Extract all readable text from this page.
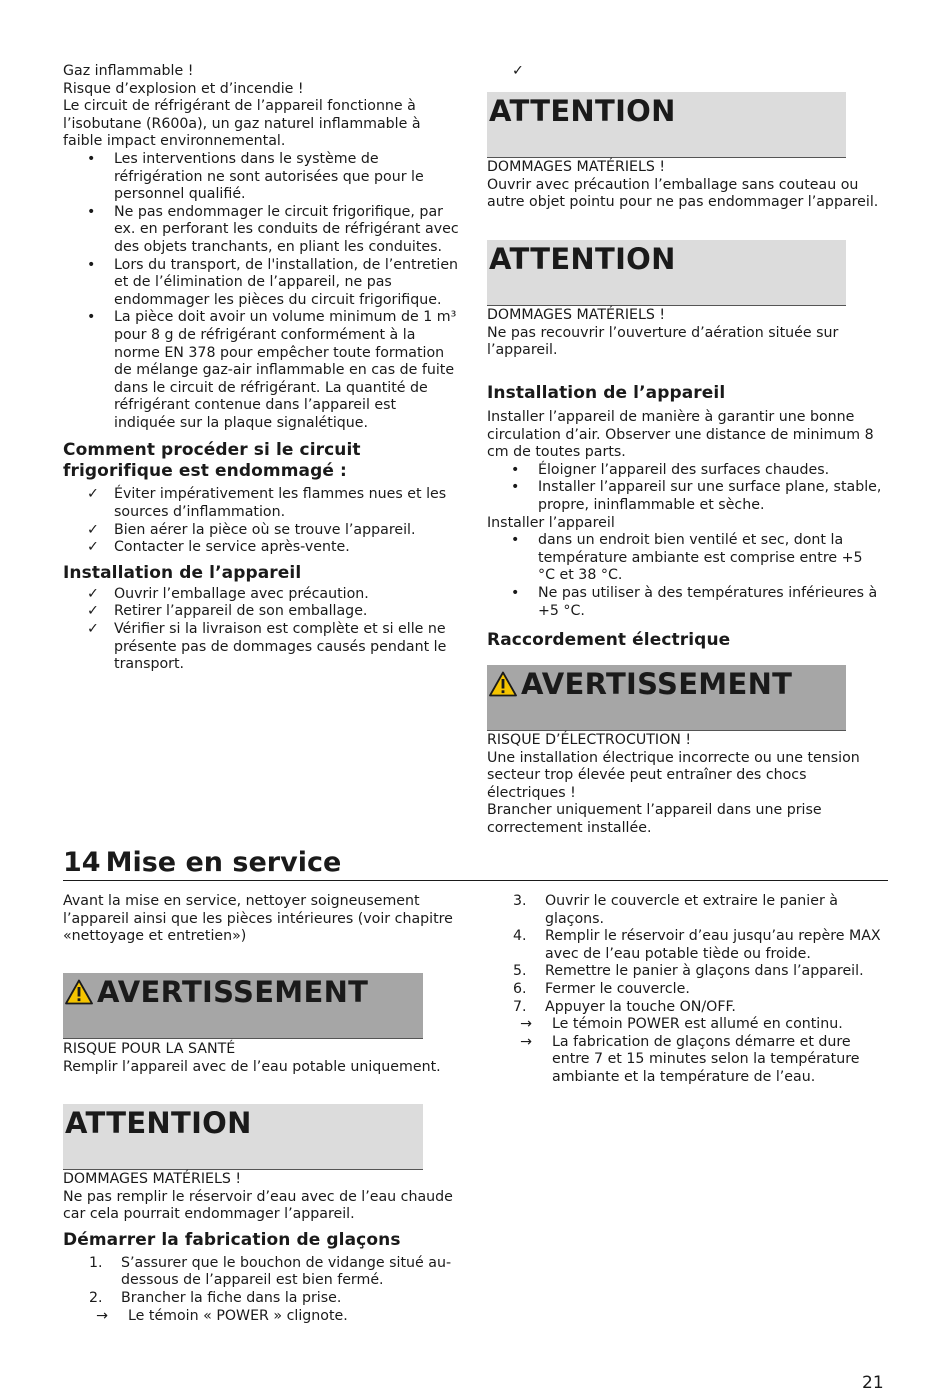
Gaz inflammable !

Risque d’explosion et d’incendie !

Le circuit de réfrigérant de l’appareil fonctionne à l’isobutane (R600a), un gaz naturel inflammable à faible impact environnemental.

• Les interventions dans le système de réfrigération ne sont autorisées que pour le personnel qualifié.
• Ne pas endommager le circuit frigorifique, par ex. en perforant les conduits de réfrigérant avec des objets tranchants, en pliant les conduites.
• Lors du transport, de l'installation, de l’entretien et de l’élimination de l’appareil, ne pas endommager les pièces du circuit frigorifique.
• La pièce doit avoir un volume minimum de 1 m³ pour 8 g de réfrigérant conformément à la norme EN 378 pour empêcher toute formation de mélange gaz-air inflammable en cas de fuite dans le circuit de réfrigérant. La quantité de réfrigérant contenue dans l’appareil est indiquée sur la plaque signalétique.

Comment procéder si le circuit frigorifique est endommagé :

✓ Éviter impérativement les flammes nues et les sources d’inflammation.
✓ Bien aérer la pièce où se trouve l’appareil.
✓ Contacter le service après-vente.

Installation de l’appareil

✓ Ouvrir l’emballage avec précaution.
✓ Retirer l’appareil de son emballage.
✓ Vérifier si la livraison est complète et si elle ne présente pas de dommages causés pendant le transport.
✓
ATTENTION

DOMMAGES MATÉRIELS !

Ouvrir avec précaution l’emballage sans couteau ou autre objet pointu pour ne pas endommager l’appareil.

ATTENTION

DOMMAGES MATÉRIELS !

Ne pas recouvrir l’ouverture d’aération située sur l’appareil.

Installation de l’appareil

Installer l’appareil de manière à garantir une bonne circulation d’air. Observer une distance de minimum 8 cm de toutes parts.

• Éloigner l’appareil des surfaces chaudes.
• Installer l’appareil sur une surface plane, stable, propre, ininflammable et sèche.

Installer l’appareil

• dans un endroit bien ventilé et sec, dont la température ambiante est comprise entre +5 °C et 38 °C.
• Ne pas utiliser à des températures inférieures à +5 °C.

Raccordement électrique

AVERTISSEMENT

RISQUE D’ÉLECTROCUTION !

Une installation électrique incorrecte ou une tension secteur trop élevée peut entraîner des chocs électriques !

Brancher uniquement l’appareil dans une prise correctement installée.

14 Mise en service

Avant la mise en service, nettoyer soigneusement l’appareil ainsi que les pièces intérieures (voir chapitre «nettoyage et entretien»)

AVERTISSEMENT

RISQUE POUR LA SANTÉ

Remplir l’appareil avec de l’eau potable uniquement.

ATTENTION

DOMMAGES MATÉRIELS !

Ne pas remplir le réservoir d’eau avec de l’eau chaude car cela pourrait endommager l’appareil.

Démarrer la fabrication de glaçons

1. S’assurer que le bouchon de vidange situé au-dessous de l’appareil est bien fermé.
2. Brancher la fiche dans la prise.
→ Le témoin « POWER » clignote.
3. Ouvrir le couvercle et extraire le panier à glaçons.
4. Remplir le réservoir d’eau jusqu’au repère MAX avec de l’eau potable tiède ou froide.
5. Remettre le panier à glaçons dans l’appareil.
6. Fermer le couvercle.
7. Appuyer la touche ON/OFF.
→ Le témoin POWER est allumé en continu.
→ La fabrication de glaçons démarre et dure entre 7 et 15 minutes selon la température ambiante et la température de l’eau.
21
